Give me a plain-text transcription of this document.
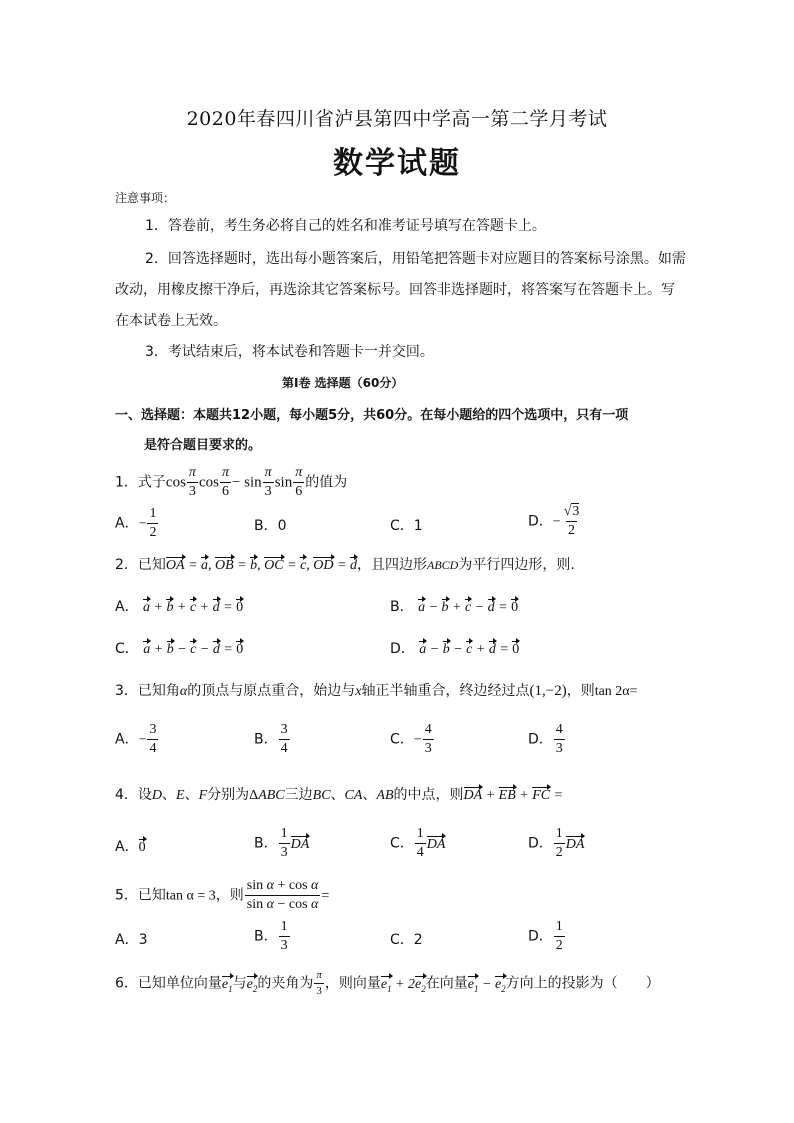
2020年春四川省泸县第四中学高一第二学月考试
数学试题
注意事项：
1．答卷前，考生务必将自己的姓名和准考证号填写在答题卡上。
2．回答选择题时，选出每小题答案后，用铅笔把答题卡对应题目的答案标号涂黑。如需
改动，用橡皮擦干净后，再选涂其它答案标号。回答非选择题时，将答案写在答题卡上。写
在本试卷上无效。
3．考试结束后，将本试卷和答题卡一并交回。
第Ⅰ卷 选择题（60分）
一、选择题：本题共12小题，每小题5分，共60分。在每小题给的四个选项中，只有一项
是符合题目要求的。
1．式子$\cos \frac{\pi}{3}$ $\cos \frac{\pi}{6} - \sin \frac{\pi}{3}$ $\sin \frac{\pi}{6}$ 的值为
A．− $\frac{1}{2}$	B．0	C．1	D．− $\frac{√3}{2}$
2．已知OA = a, OB = b, OC = c, OD = d，且四边形ABCD为平行四边形，则.
A． a + b + c + d = 0	B． a − b + c − d = 0
C． a + b − c − d = 0	D． a − b − c + d = 0
3．已知角α的顶点与原点重合，始边与x轴正半轴重合，终边经过点(1,−2)，则tan 2α=
A．− $\frac{3}{4}$	B． $\frac{3}{4}$	C．− $\frac{4}{3}$	D． $\frac{4}{3}$
4．设D、E、F分别为ΔABC三边BC、CA、AB的中点，则DA + EB + FC =
A．0	B． $\frac{1}{3}$ DA	C． $\frac{1}{4}$ DA	D． $\frac{1}{2}$ DA
5．已知tan α = 3，则 $\frac{\text{sin α + cos α}}{\text{sin α − cos α}}$ =
A．3	B． $\frac{1}{3}$	C．2	D． $\frac{1}{2}$
6．已知单位向量$e_1$与$e_2$的夹角为 $\frac{\pi}{3}$ ，则向量$e_1 + 2e_2$在向量$e_1 - e_2$方向上的投影为（　　）
